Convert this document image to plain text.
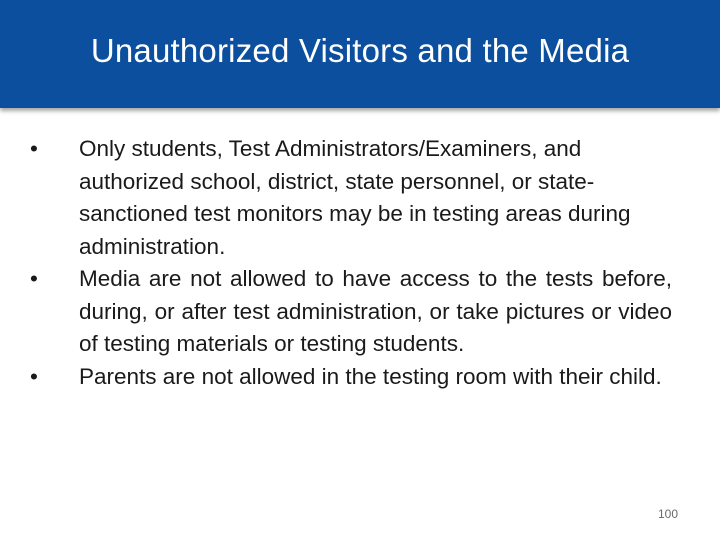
Unauthorized Visitors and the Media
•	Only students, Test Administrators/Examiners, and authorized school, district, state personnel, or state-sanctioned test monitors may be in testing areas during administration.
•	Media are not allowed to have access to the tests before, during, or after test administration, or take pictures or video of testing materials or testing students.
•	Parents are not allowed in the testing room with their child.
100
